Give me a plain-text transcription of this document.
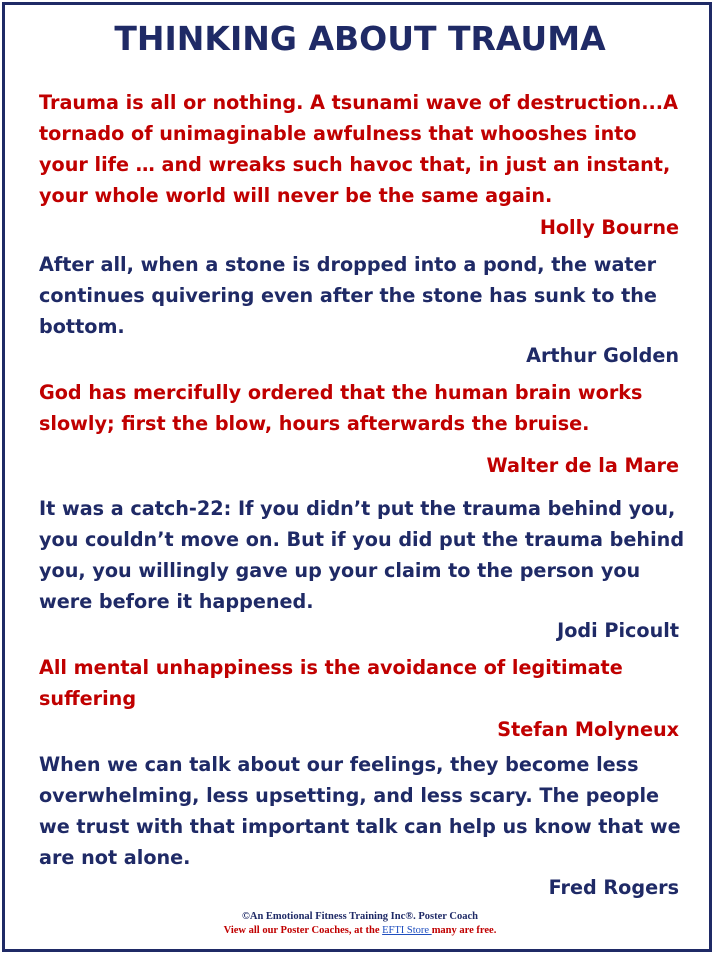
THINKING ABOUT TRAUMA

Trauma is all or nothing. A tsunami wave of destruction...A tornado of unimaginable awfulness that whooshes into your life … and wreaks such havoc that, in just an instant, your whole world will never be the same again.

Holly Bourne

After all, when a stone is dropped into a pond, the water continues quivering even after the stone has sunk to the bottom.

Arthur Golden

God has mercifully ordered that the human brain works slowly; first the blow, hours afterwards the bruise.

Walter de la Mare

It was a catch-22: If you didn’t put the trauma behind you, you couldn’t move on. But if you did put the trauma behind you, you willingly gave up your claim to the person you were before it happened.

Jodi Picoult

All mental unhappiness is the avoidance of legitimate suffering

Stefan Molyneux

When we can talk about our feelings, they become less overwhelming, less upsetting, and less scary. The people we trust with that important talk can help us know that we are not alone.

Fred Rogers
©An Emotional Fitness Training Inc®. Poster Coach
View all our Poster Coaches, at the EFTI Store many are free.
